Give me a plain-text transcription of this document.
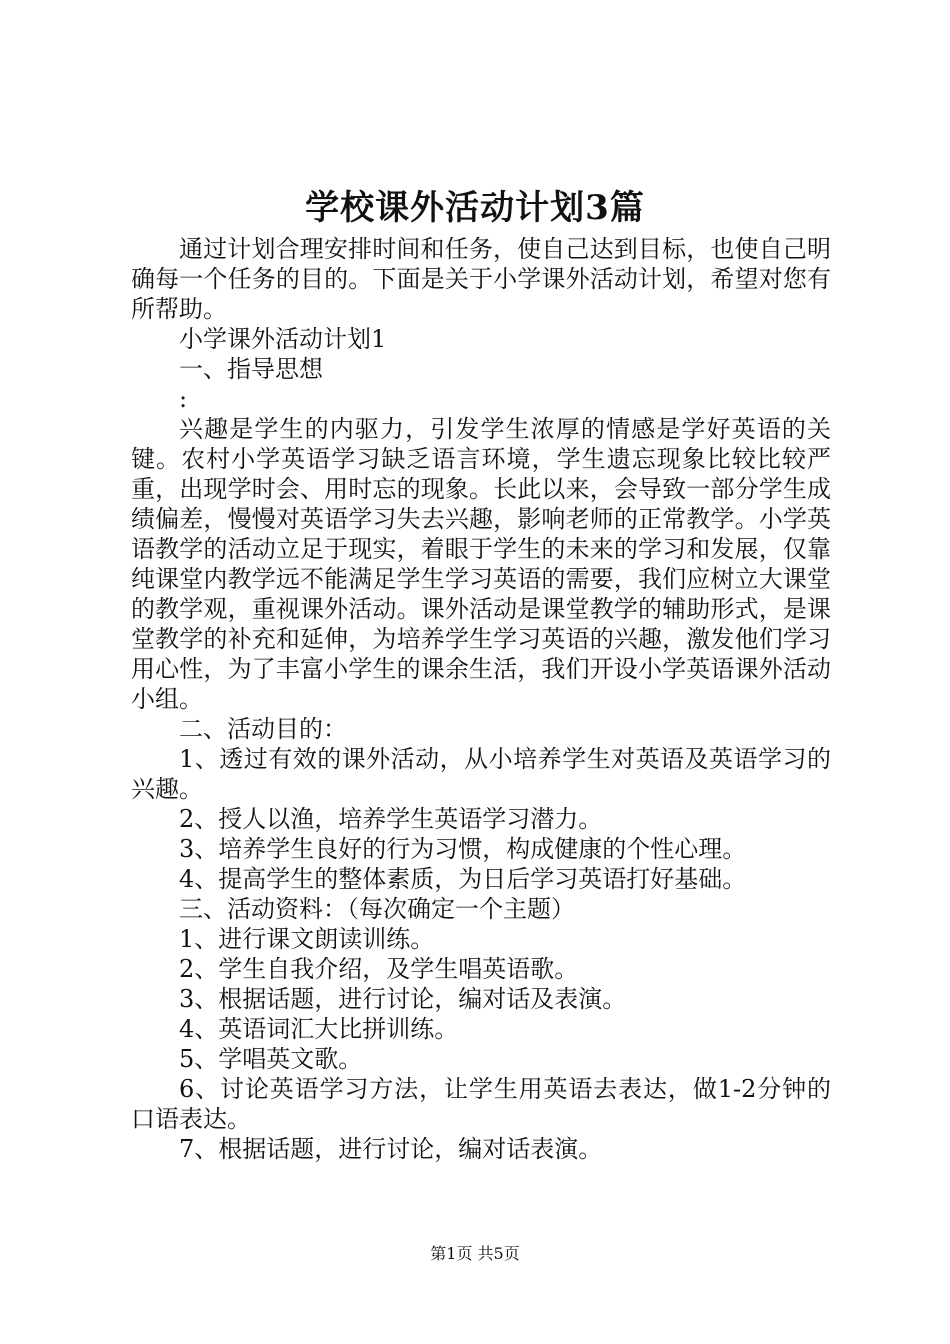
学校课外活动计划3篇

通过计划合理安排时间和任务，使自己达到目标，也使自己明确每一个任务的目的。下面是关于小学课外活动计划，希望对您有所帮助。

小学课外活动计划1

一、指导思想

:

兴趣是学生的内驱力，引发学生浓厚的情感是学好英语的关键。农村小学英语学习缺乏语言环境，学生遗忘现象比较比较严重，出现学时会、用时忘的现象。长此以来，会导致一部分学生成绩偏差，慢慢对英语学习失去兴趣，影响老师的正常教学。小学英语教学的活动立足于现实，着眼于学生的未来的学习和发展，仅靠纯课堂内教学远不能满足学生学习英语的需要，我们应树立大课堂的教学观，重视课外活动。课外活动是课堂教学的辅助形式，是课堂教学的补充和延伸，为培养学生学习英语的兴趣，激发他们学习用心性，为了丰富小学生的课余生活，我们开设小学英语课外活动小组。

二、活动目的：

1、透过有效的课外活动，从小培养学生对英语及英语学习的兴趣。

2、授人以渔，培养学生英语学习潜力。

3、培养学生良好的行为习惯，构成健康的个性心理。

4、提高学生的整体素质，为日后学习英语打好基础。

三、活动资料：（每次确定一个主题）

1、进行课文朗读训练。

2、学生自我介绍，及学生唱英语歌。

3、根据话题，进行讨论，编对话及表演。

4、英语词汇大比拼训练。

5、学唱英文歌。

6、讨论英语学习方法，让学生用英语去表达，做1-2分钟的口语表达。

7、根据话题，进行讨论，编对话表演。

第1页 共5页
